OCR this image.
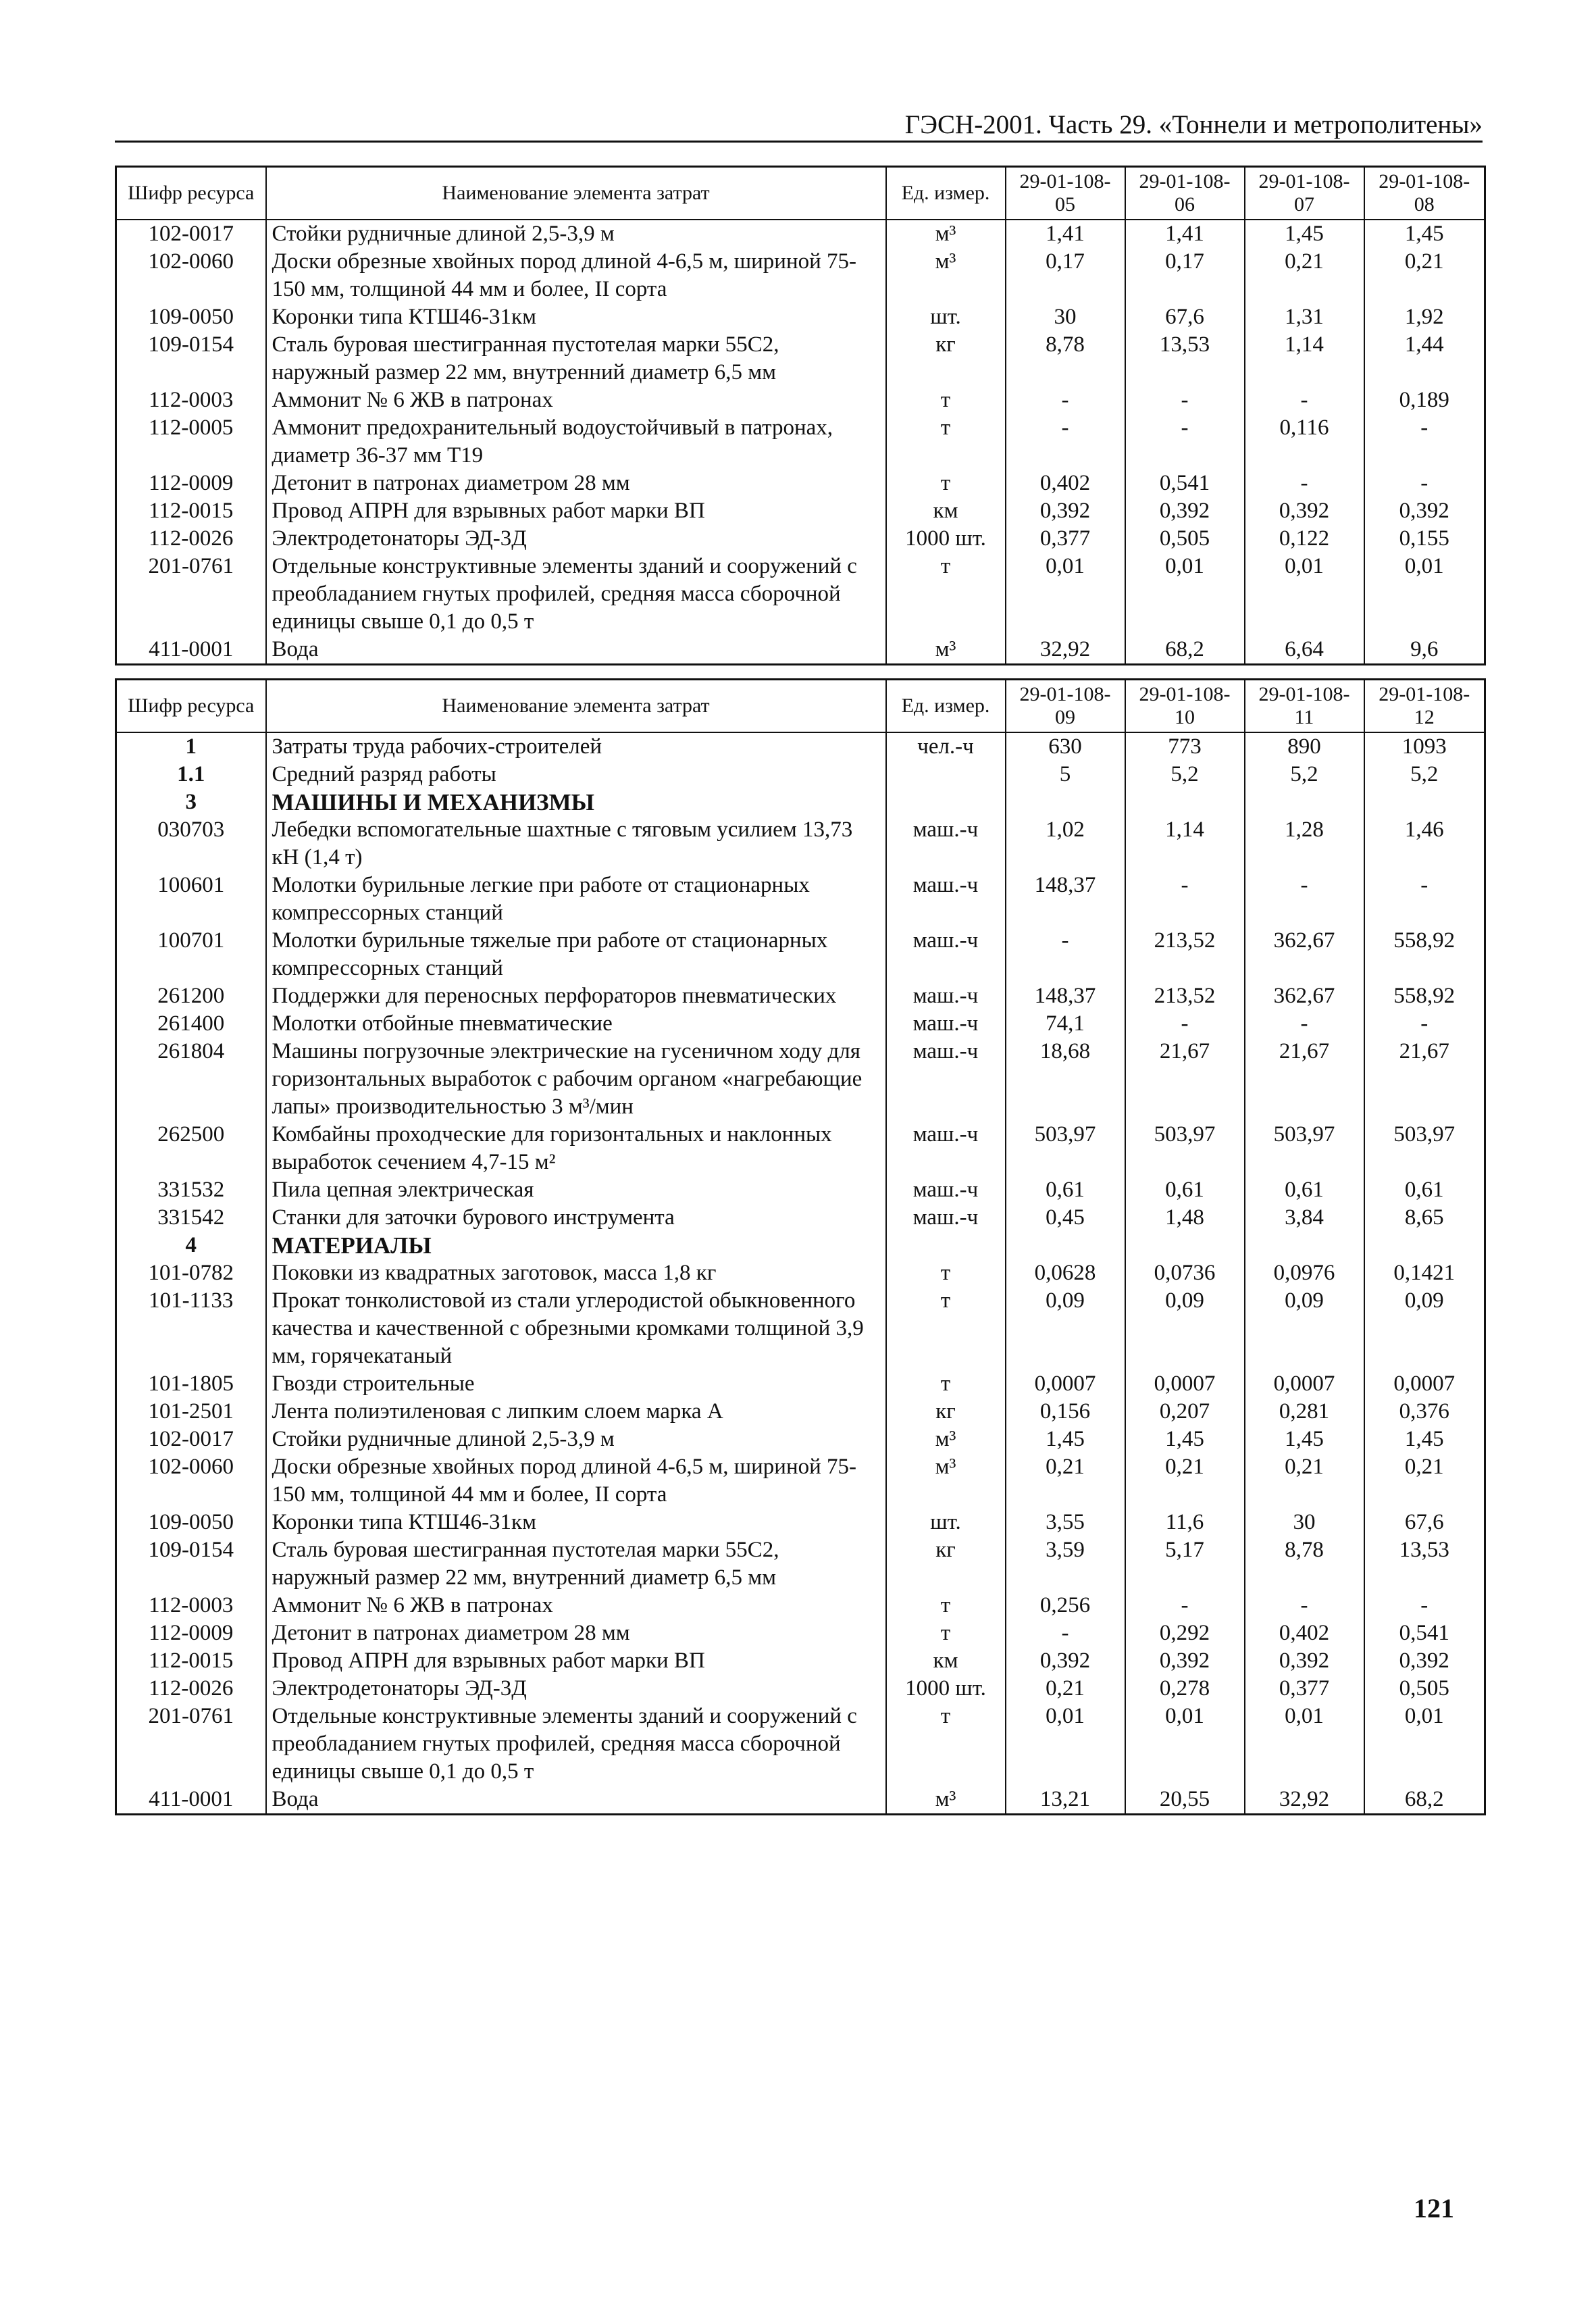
ГЭСН-2001. Часть 29. «Тоннели и метрополитены»
Шифр ресурса	Наименование элемента затрат	Ед. измер.	29-01-108-05	29-01-108-06	29-01-108-07	29-01-108-08
102-0017	Стойки рудничные длиной 2,5-3,9 м	м³	1,41	1,41	1,45	1,45
102-0060	Доски обрезные хвойных пород длиной 4-6,5 м, шириной 75-150 мм, толщиной 44 мм и более, II сорта	м³	0,17	0,17	0,21	0,21
109-0050	Коронки типа КТШ46-31км	шт.	30	67,6	1,31	1,92
109-0154	Сталь буровая шестигранная пустотелая марки 55С2, наружный размер 22 мм, внутренний диаметр 6,5 мм	кг	8,78	13,53	1,14	1,44
112-0003	Аммонит № 6 ЖВ в патронах	т	-	-	-	0,189
112-0005	Аммонит предохранительный водоустойчивый в патронах, диаметр 36-37 мм Т19	т	-	-	0,116	-
112-0009	Детонит в патронах диаметром 28 мм	т	0,402	0,541	-	-
112-0015	Провод АПРН для взрывных работ марки ВП	км	0,392	0,392	0,392	0,392
112-0026	Электродетонаторы ЭД-3Д	1000 шт.	0,377	0,505	0,122	0,155
201-0761	Отдельные конструктивные элементы зданий и сооружений с преобладанием гнутых профилей, средняя масса сборочной единицы свыше 0,1 до 0,5 т	т	0,01	0,01	0,01	0,01
411-0001	Вода	м³	32,92	68,2	6,64	9,6
Шифр ресурса	Наименование элемента затрат	Ед. измер.	29-01-108-09	29-01-108-10	29-01-108-11	29-01-108-12
1	Затраты труда рабочих-строителей	чел.-ч	630	773	890	1093
1.1	Средний разряд работы		5	5,2	5,2	5,2
3	МАШИНЫ И МЕХАНИЗМЫ					
030703	Лебедки вспомогательные шахтные с тяговым усилием 13,73 кН (1,4 т)	маш.-ч	1,02	1,14	1,28	1,46
100601	Молотки бурильные легкие при работе от стационарных компрессорных станций	маш.-ч	148,37	-	-	-
100701	Молотки бурильные тяжелые при работе от стационарных компрессорных станций	маш.-ч	-	213,52	362,67	558,92
261200	Поддержки для переносных перфораторов пневматических	маш.-ч	148,37	213,52	362,67	558,92
261400	Молотки отбойные пневматические	маш.-ч	74,1	-	-	-
261804	Машины погрузочные электрические на гусеничном ходу для горизонтальных выработок с рабочим органом «нагребающие лапы» производительностью 3 м³/мин	маш.-ч	18,68	21,67	21,67	21,67
262500	Комбайны проходческие для горизонтальных и наклонных выработок сечением 4,7-15 м²	маш.-ч	503,97	503,97	503,97	503,97
331532	Пила цепная электрическая	маш.-ч	0,61	0,61	0,61	0,61
331542	Станки для заточки бурового инструмента	маш.-ч	0,45	1,48	3,84	8,65
4	МАТЕРИАЛЫ					
101-0782	Поковки из квадратных заготовок, масса 1,8 кг	т	0,0628	0,0736	0,0976	0,1421
101-1133	Прокат тонколистовой из стали углеродистой обыкновенного качества и качественной с обрезными кромками толщиной 3,9 мм, горячекатаный	т	0,09	0,09	0,09	0,09
101-1805	Гвозди строительные	т	0,0007	0,0007	0,0007	0,0007
101-2501	Лента полиэтиленовая с липким слоем марка А	кг	0,156	0,207	0,281	0,376
102-0017	Стойки рудничные длиной 2,5-3,9 м	м³	1,45	1,45	1,45	1,45
102-0060	Доски обрезные хвойных пород длиной 4-6,5 м, шириной 75-150 мм, толщиной 44 мм и более, II сорта	м³	0,21	0,21	0,21	0,21
109-0050	Коронки типа КТШ46-31км	шт.	3,55	11,6	30	67,6
109-0154	Сталь буровая шестигранная пустотелая марки 55С2, наружный размер 22 мм, внутренний диаметр 6,5 мм	кг	3,59	5,17	8,78	13,53
112-0003	Аммонит № 6 ЖВ в патронах	т	0,256	-	-	-
112-0009	Детонит в патронах диаметром 28 мм	т	-	0,292	0,402	0,541
112-0015	Провод АПРН для взрывных работ марки ВП	км	0,392	0,392	0,392	0,392
112-0026	Электродетонаторы ЭД-3Д	1000 шт.	0,21	0,278	0,377	0,505
201-0761	Отдельные конструктивные элементы зданий и сооружений с преобладанием гнутых профилей, средняя масса сборочной единицы свыше 0,1 до 0,5 т	т	0,01	0,01	0,01	0,01
411-0001	Вода	м³	13,21	20,55	32,92	68,2
121
